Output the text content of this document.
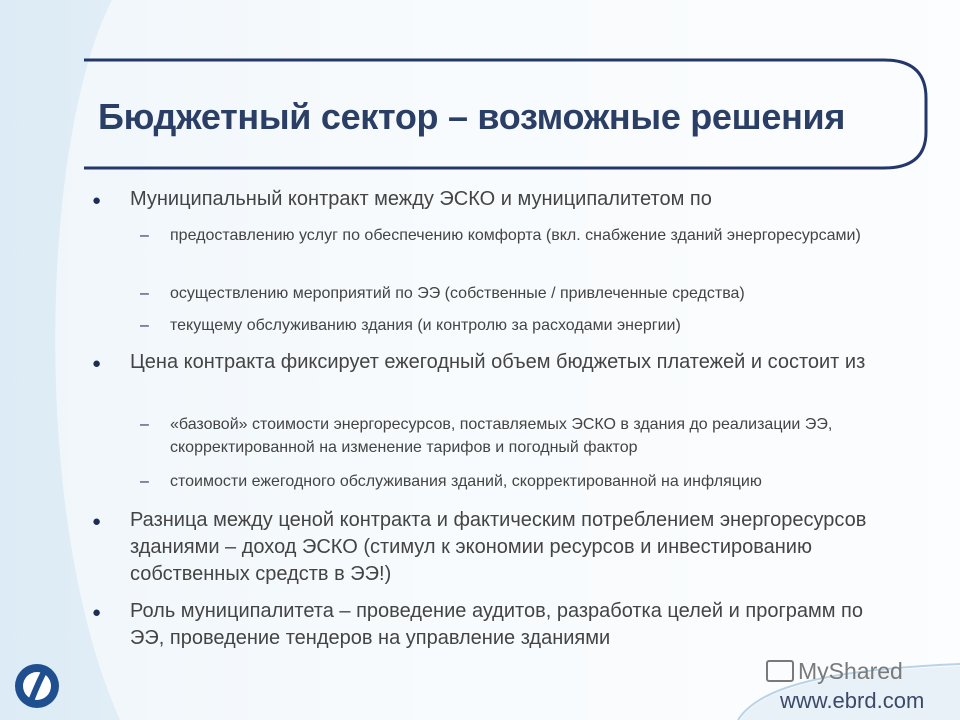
Бюджетный сектор – возможные решения
● Муниципальный контракт между ЭСКО и муниципалитетом по
– предоставлению услуг по обеспечению комфорта (вкл. снабжение зданий энергоресурсами)
– осуществлению мероприятий по ЭЭ (собственные / привлеченные средства)
– текущему обслуживанию здания (и контролю за расходами энергии)
● Цена контракта фиксирует ежегодный объем бюджетых платежей и состоит из
– «базовой» стоимости энергоресурсов, поставляемых ЭСКО в здания до реализации ЭЭ, скорректированной на изменение тарифов и погодный фактор
– стоимости ежегодного обслуживания зданий, скорректированной на инфляцию
● Разница между ценой контракта и фактическим потреблением энергоресурсов зданиями – доход ЭСКО (стимул к экономии ресурсов и инвестированию собственных средств в ЭЭ!)
● Роль муниципалитета – проведение аудитов, разработка целей и программ по ЭЭ, проведение тендеров на управление зданиями
MyShared
www.ebrd.com
